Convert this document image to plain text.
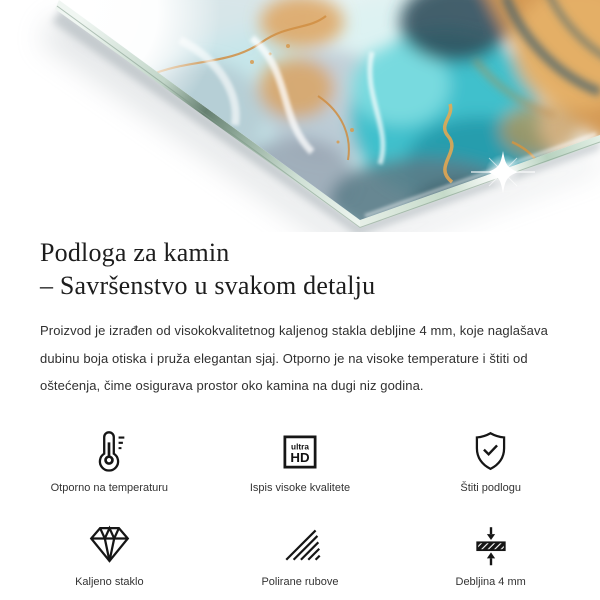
Podloga za kamin
– Savršenstvo u svakom detalju

Proizvod je izrađen od visokokvalitetnog kaljenog stakla debljine 4 mm, koje naglašava dubinu boja otiska i pruža elegantan sjaj. Otporno je na visoke temperature i štiti od oštećenja, čime osigurava prostor oko kamina na dugi niz godina.

Otporno na temperaturu
ultra
HD
Ispis visoke kvalitete	Štiti podlogu
Kaljeno staklo	Polirane rubove	Debljina 4 mm
